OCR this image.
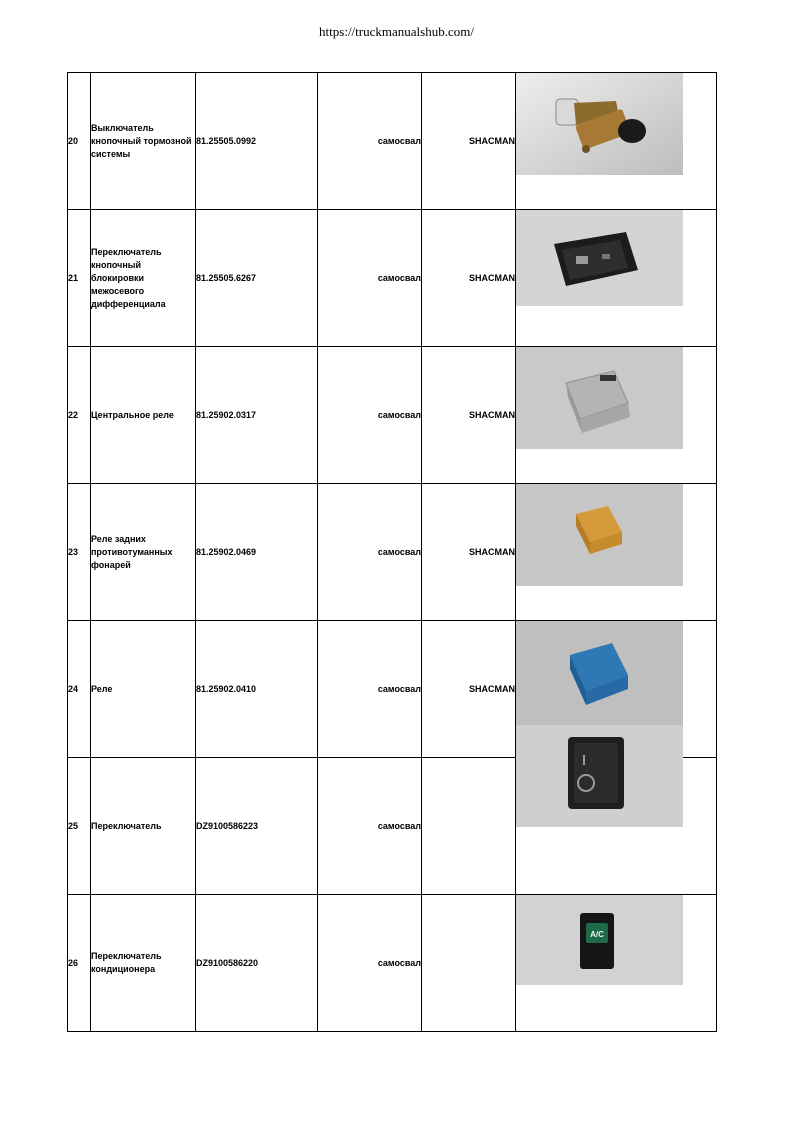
https://truckmanualshub.com/
20	Выключатель кнопочный тормозной системы	81.25505.0992	самосвал	SHACMAN	

21	Переключатель кнопочный блокировки межосевого дифференциала	81.25505.6267	самосвал	SHACMAN	

22	Центральное реле	81.25902.0317	самосвал	SHACMAN	

23	Реле задних противотуманных фонарей	81.25902.0469	самосвал	SHACMAN	

24	Реле	81.25902.0410	самосвал	SHACMAN	

25	Переключатель	DZ9100586223	самосвал		
26	Переключатель кондиционера	DZ9100586220	самосвал		A/C
